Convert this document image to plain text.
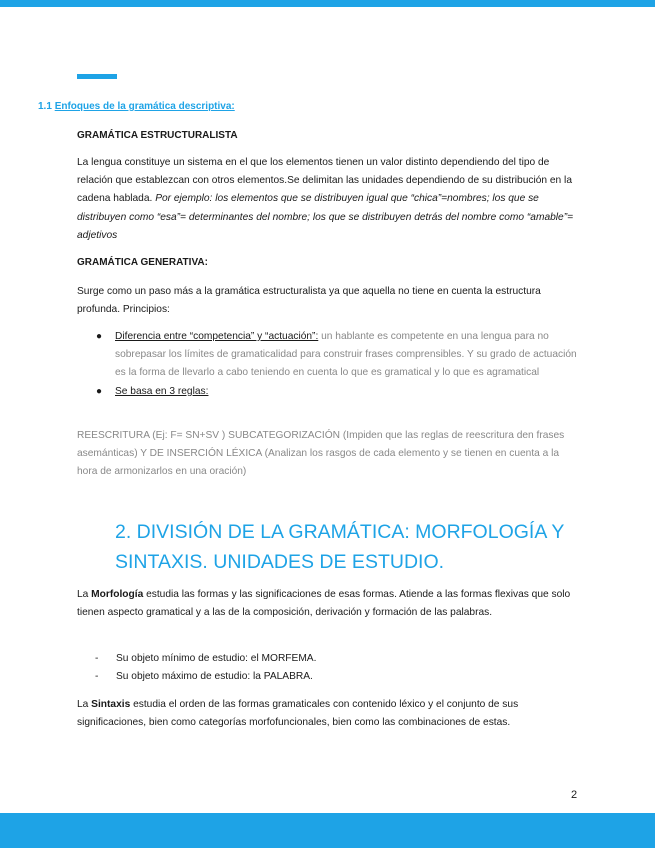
1.1 Enfoques de la gramática descriptiva:
GRAMÁTICA ESTRUCTURALISTA

La lengua constituye un sistema en el que los elementos tienen un valor distinto dependiendo del tipo de relación que establezcan con otros elementos.Se delimitan las unidades dependiendo de su distribución en la cadena hablada. Por ejemplo: los elementos que se distribuyen igual que “chica”=nombres; los que se distribuyen como “esa”= determinantes del nombre; los que se distribuyen detrás del nombre como “amable”= adjetivos

GRAMÁTICA GENERATIVA:

Surge como un paso más a la gramática estructuralista ya que aquella no tiene en cuenta la estructura profunda. Principios:

● Diferencia entre “competencia” y “actuación”: un hablante es competente en una lengua para no sobrepasar los límites de gramaticalidad para construir frases comprensibles. Y su grado de actuación es la forma de llevarlo a cabo teniendo en cuenta lo que es gramatical y lo que es agramatical
● Se basa en 3 reglas:

REESCRITURA (Ej: F= SN+SV ) SUBCATEGORIZACIÓN (Impiden que las reglas de reescritura den frases asemánticas) Y DE INSERCIÓN LÉXICA (Analizan los rasgos de cada elemento y se tienen en cuenta a la hora de armonizarlos en una oración)

2. DIVISIÓN DE LA GRAMÁTICA: MORFOLOGÍA Y SINTAXIS. UNIDADES DE ESTUDIO.

La Morfología estudia las formas y las significaciones de esas formas. Atiende a las formas flexivas que solo tienen aspecto gramatical y a las de la composición, derivación y formación de las palabras.

- Su objeto mínimo de estudio: el MORFEMA.
- Su objeto máximo de estudio: la PALABRA.

La Sintaxis estudia el orden de las formas gramaticales con contenido léxico y el conjunto de sus significaciones, bien como categorías morfofuncionales, bien como las combinaciones de estas.

2
